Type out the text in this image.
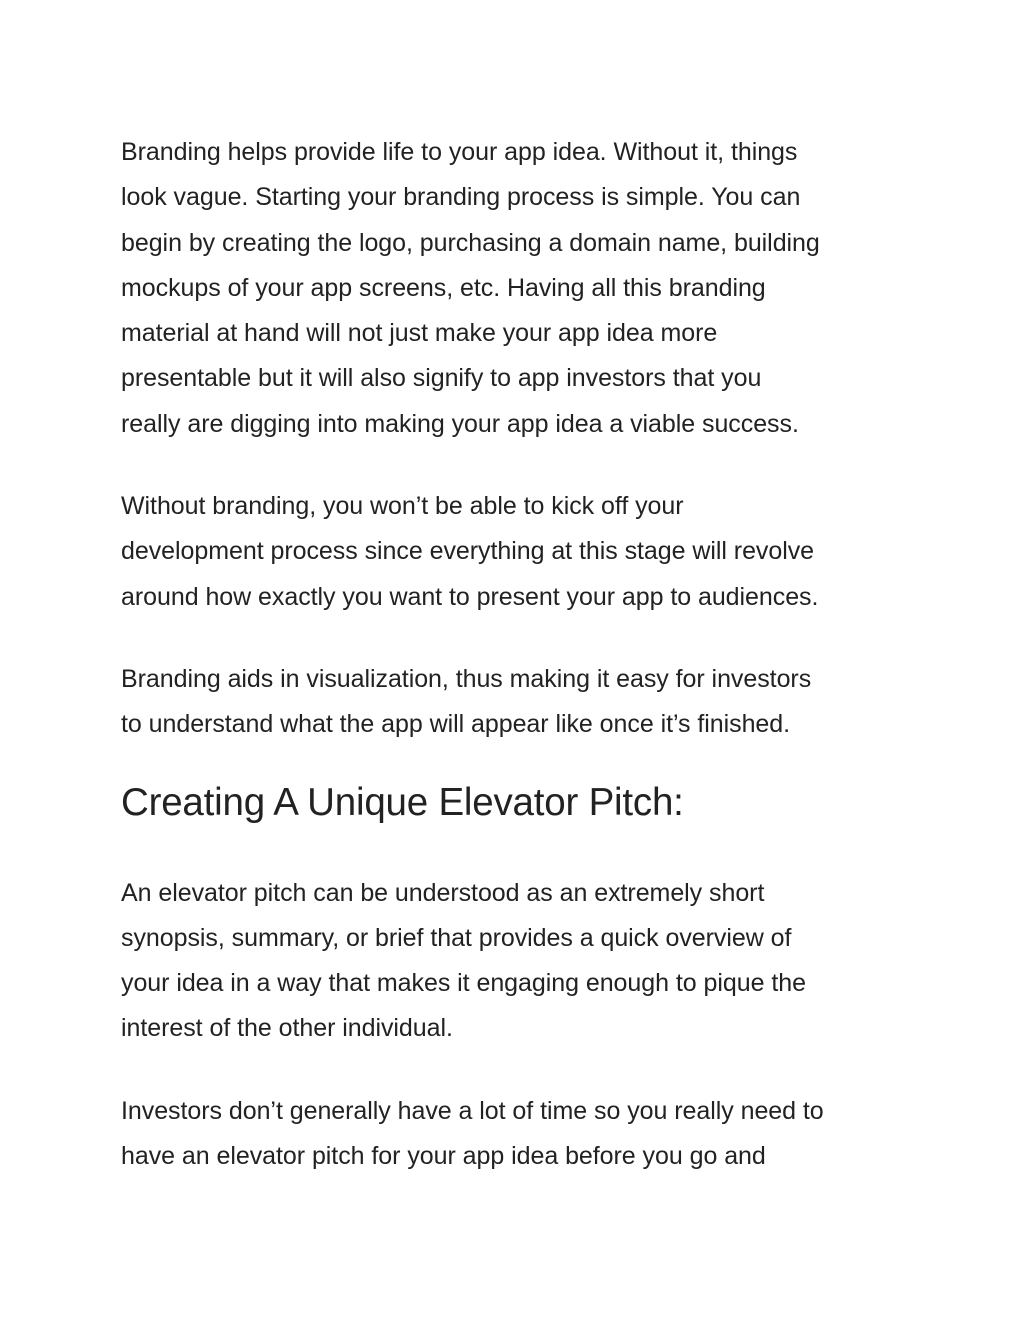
Branding helps provide life to your app idea. Without it, things
look vague. Starting your branding process is simple. You can
begin by creating the logo, purchasing a domain name, building
mockups of your app screens, etc. Having all this branding
material at hand will not just make your app idea more
presentable but it will also signify to app investors that you
really are digging into making your app idea a viable success.

Without branding, you won’t be able to kick off your
development process since everything at this stage will revolve
around how exactly you want to present your app to audiences.

Branding aids in visualization, thus making it easy for investors
to understand what the app will appear like once it’s finished.

Creating A Unique Elevator Pitch:

An elevator pitch can be understood as an extremely short
synopsis, summary, or brief that provides a quick overview of
your idea in a way that makes it engaging enough to pique the
interest of the other individual.

Investors don’t generally have a lot of time so you really need to
have an elevator pitch for your app idea before you go and
